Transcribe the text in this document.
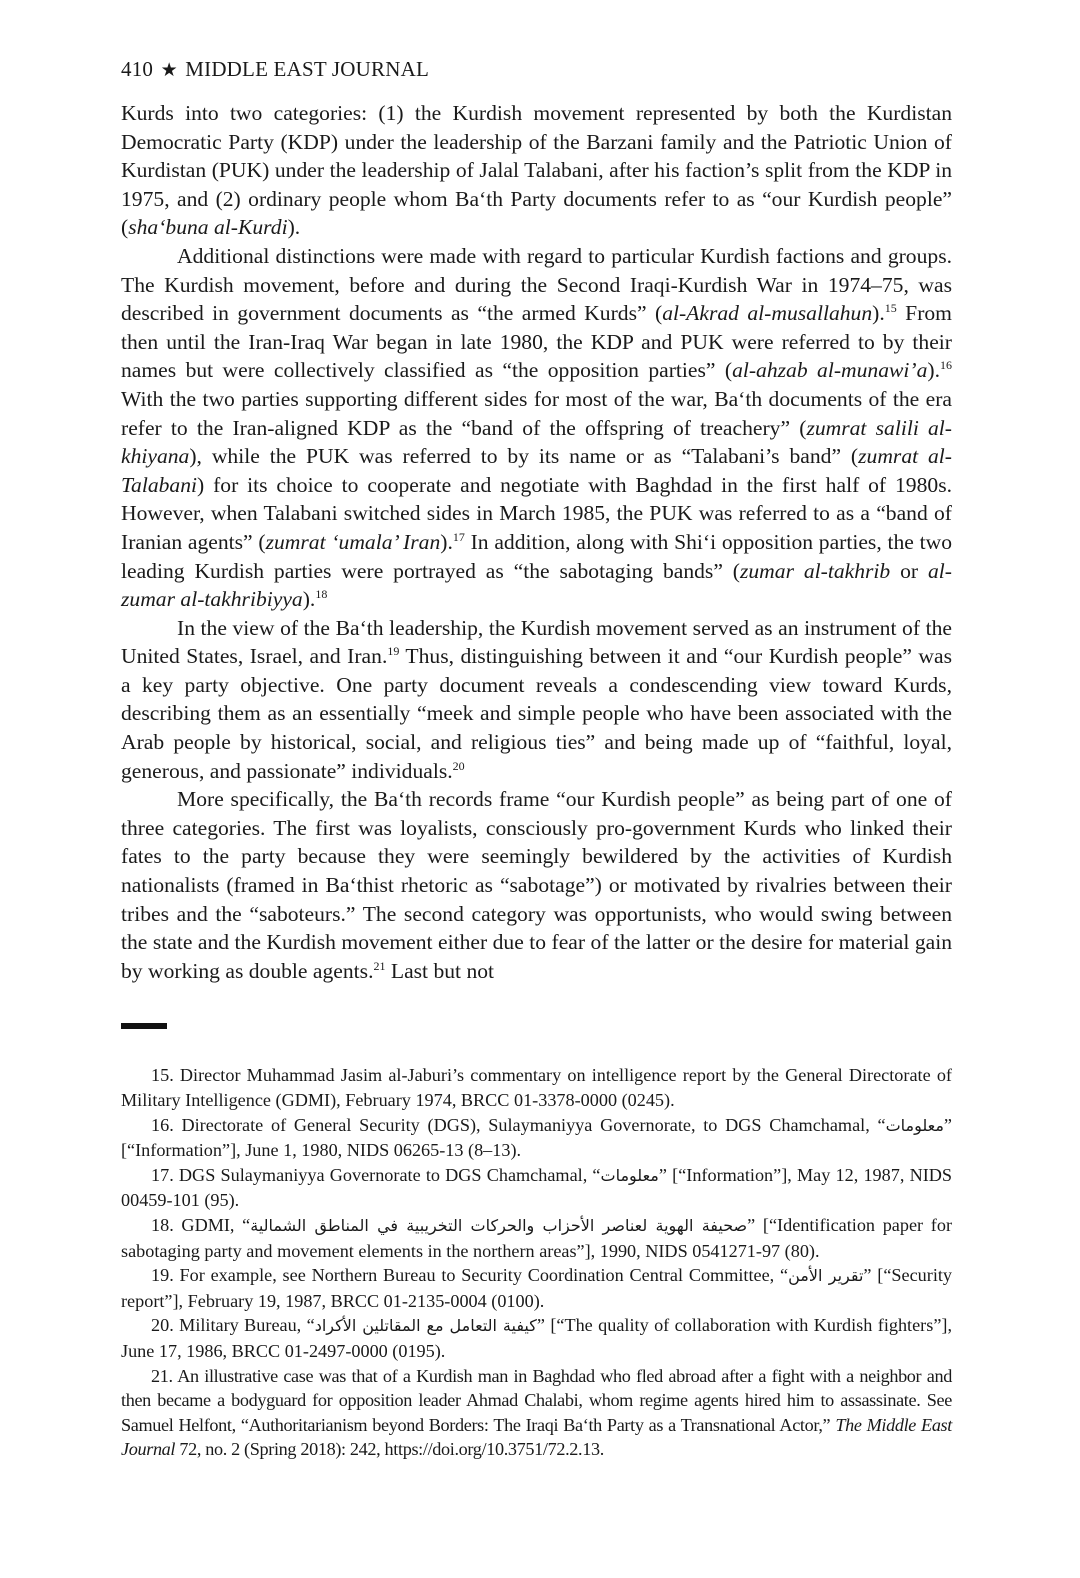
410 ★ MIDDLE EAST JOURNAL

Kurds into two categories: (1) the Kurdish movement represented by both the Kurdistan Democratic Party (KDP) under the leadership of the Barzani family and the Patriotic Union of Kurdistan (PUK) under the leadership of Jalal Talabani, after his faction’s split from the KDP in 1975, and (2) ordinary people whom Ba‘th Party documents refer to as “our Kurdish people” (sha‘buna al-Kurdi).

Additional distinctions were made with regard to particular Kurdish factions and groups. The Kurdish movement, before and during the Second Iraqi-Kurdish War in 1974–75, was described in government documents as “the armed Kurds” (al-Akrad al-musallahun).$^{15}$ From then until the Iran-Iraq War began in late 1980, the KDP and PUK were referred to by their names but were collectively classified as “the opposition parties” (al-ahzab al-munawi’a).$^{16}$ With the two parties supporting different sides for most of the war, Ba‘th documents of the era refer to the Iran-aligned KDP as the “band of the offspring of treachery” (zumrat salili al-khiyana), while the PUK was referred to by its name or as “Talabani’s band” (zumrat al-Talabani) for its choice to cooperate and negotiate with Baghdad in the first half of 1980s. However, when Talabani switched sides in March 1985, the PUK was referred to as a “band of Iranian agents” (zumrat ‘umala’ Iran).$^{17}$ In addition, along with Shi‘i opposition parties, the two leading Kurdish parties were portrayed as “the sabotaging bands” (zumar al-takhrib or al-zumar al-takhribiyya).$^{18}$

In the view of the Ba‘th leadership, the Kurdish movement served as an instrument of the United States, Israel, and Iran.$^{19}$ Thus, distinguishing between it and “our Kurdish people” was a key party objective. One party document reveals a condescending view toward Kurds, describing them as an essentially “meek and simple people who have been associated with the Arab people by historical, social, and religious ties” and being made up of “faithful, loyal, generous, and passionate” individuals.$^{20}$

More specifically, the Ba‘th records frame “our Kurdish people” as being part of one of three categories. The first was loyalists, consciously pro-government Kurds who linked their fates to the party because they were seemingly bewildered by the activities of Kurdish nationalists (framed in Ba‘thist rhetoric as “sabotage”) or motivated by rivalries between their tribes and the “saboteurs.” The second category was opportunists, who would swing between the state and the Kurdish movement either due to fear of the latter or the desire for material gain by working as double agents.$^{21}$ Last but not

15. Director Muhammad Jasim al-Jaburi’s commentary on intelligence report by the General Directorate of Military Intelligence (GDMI), February 1974, BRCC 01-3378-0000 (0245).

16. Directorate of General Security (DGS), Sulaymaniyya Governorate, to DGS Chamchamal, “معلومات” [“Information”], June 1, 1980, NIDS 06265-13 (8–13).

17. DGS Sulaymaniyya Governorate to DGS Chamchamal, “معلومات” [“Information”], May 12, 1987, NIDS 00459-101 (95).

18. GDMI, “صحيفة الهوية لعناصر الأحزاب والحركات التخريبية في المناطق الشمالية” [“Identification paper for sabotaging party and movement elements in the northern areas”], 1990, NIDS 0541271-97 (80).

19. For example, see Northern Bureau to Security Coordination Central Committee, “تقرير الأمن” [“Security report”], February 19, 1987, BRCC 01-2135-0004 (0100).

20. Military Bureau, “كيفية التعامل مع المقاتلين الأكراد” [“The quality of collaboration with Kurdish fighters”], June 17, 1986, BRCC 01-2497-0000 (0195).

21. An illustrative case was that of a Kurdish man in Baghdad who fled abroad after a fight with a neighbor and then became a bodyguard for opposition leader Ahmad Chalabi, whom regime agents hired him to assassinate. See Samuel Helfont, “Authoritarianism beyond Borders: The Iraqi Ba‘th Party as a Transnational Actor,” The Middle East Journal 72, no. 2 (Spring 2018): 242, https://doi.org/10.3751/72.2.13.
